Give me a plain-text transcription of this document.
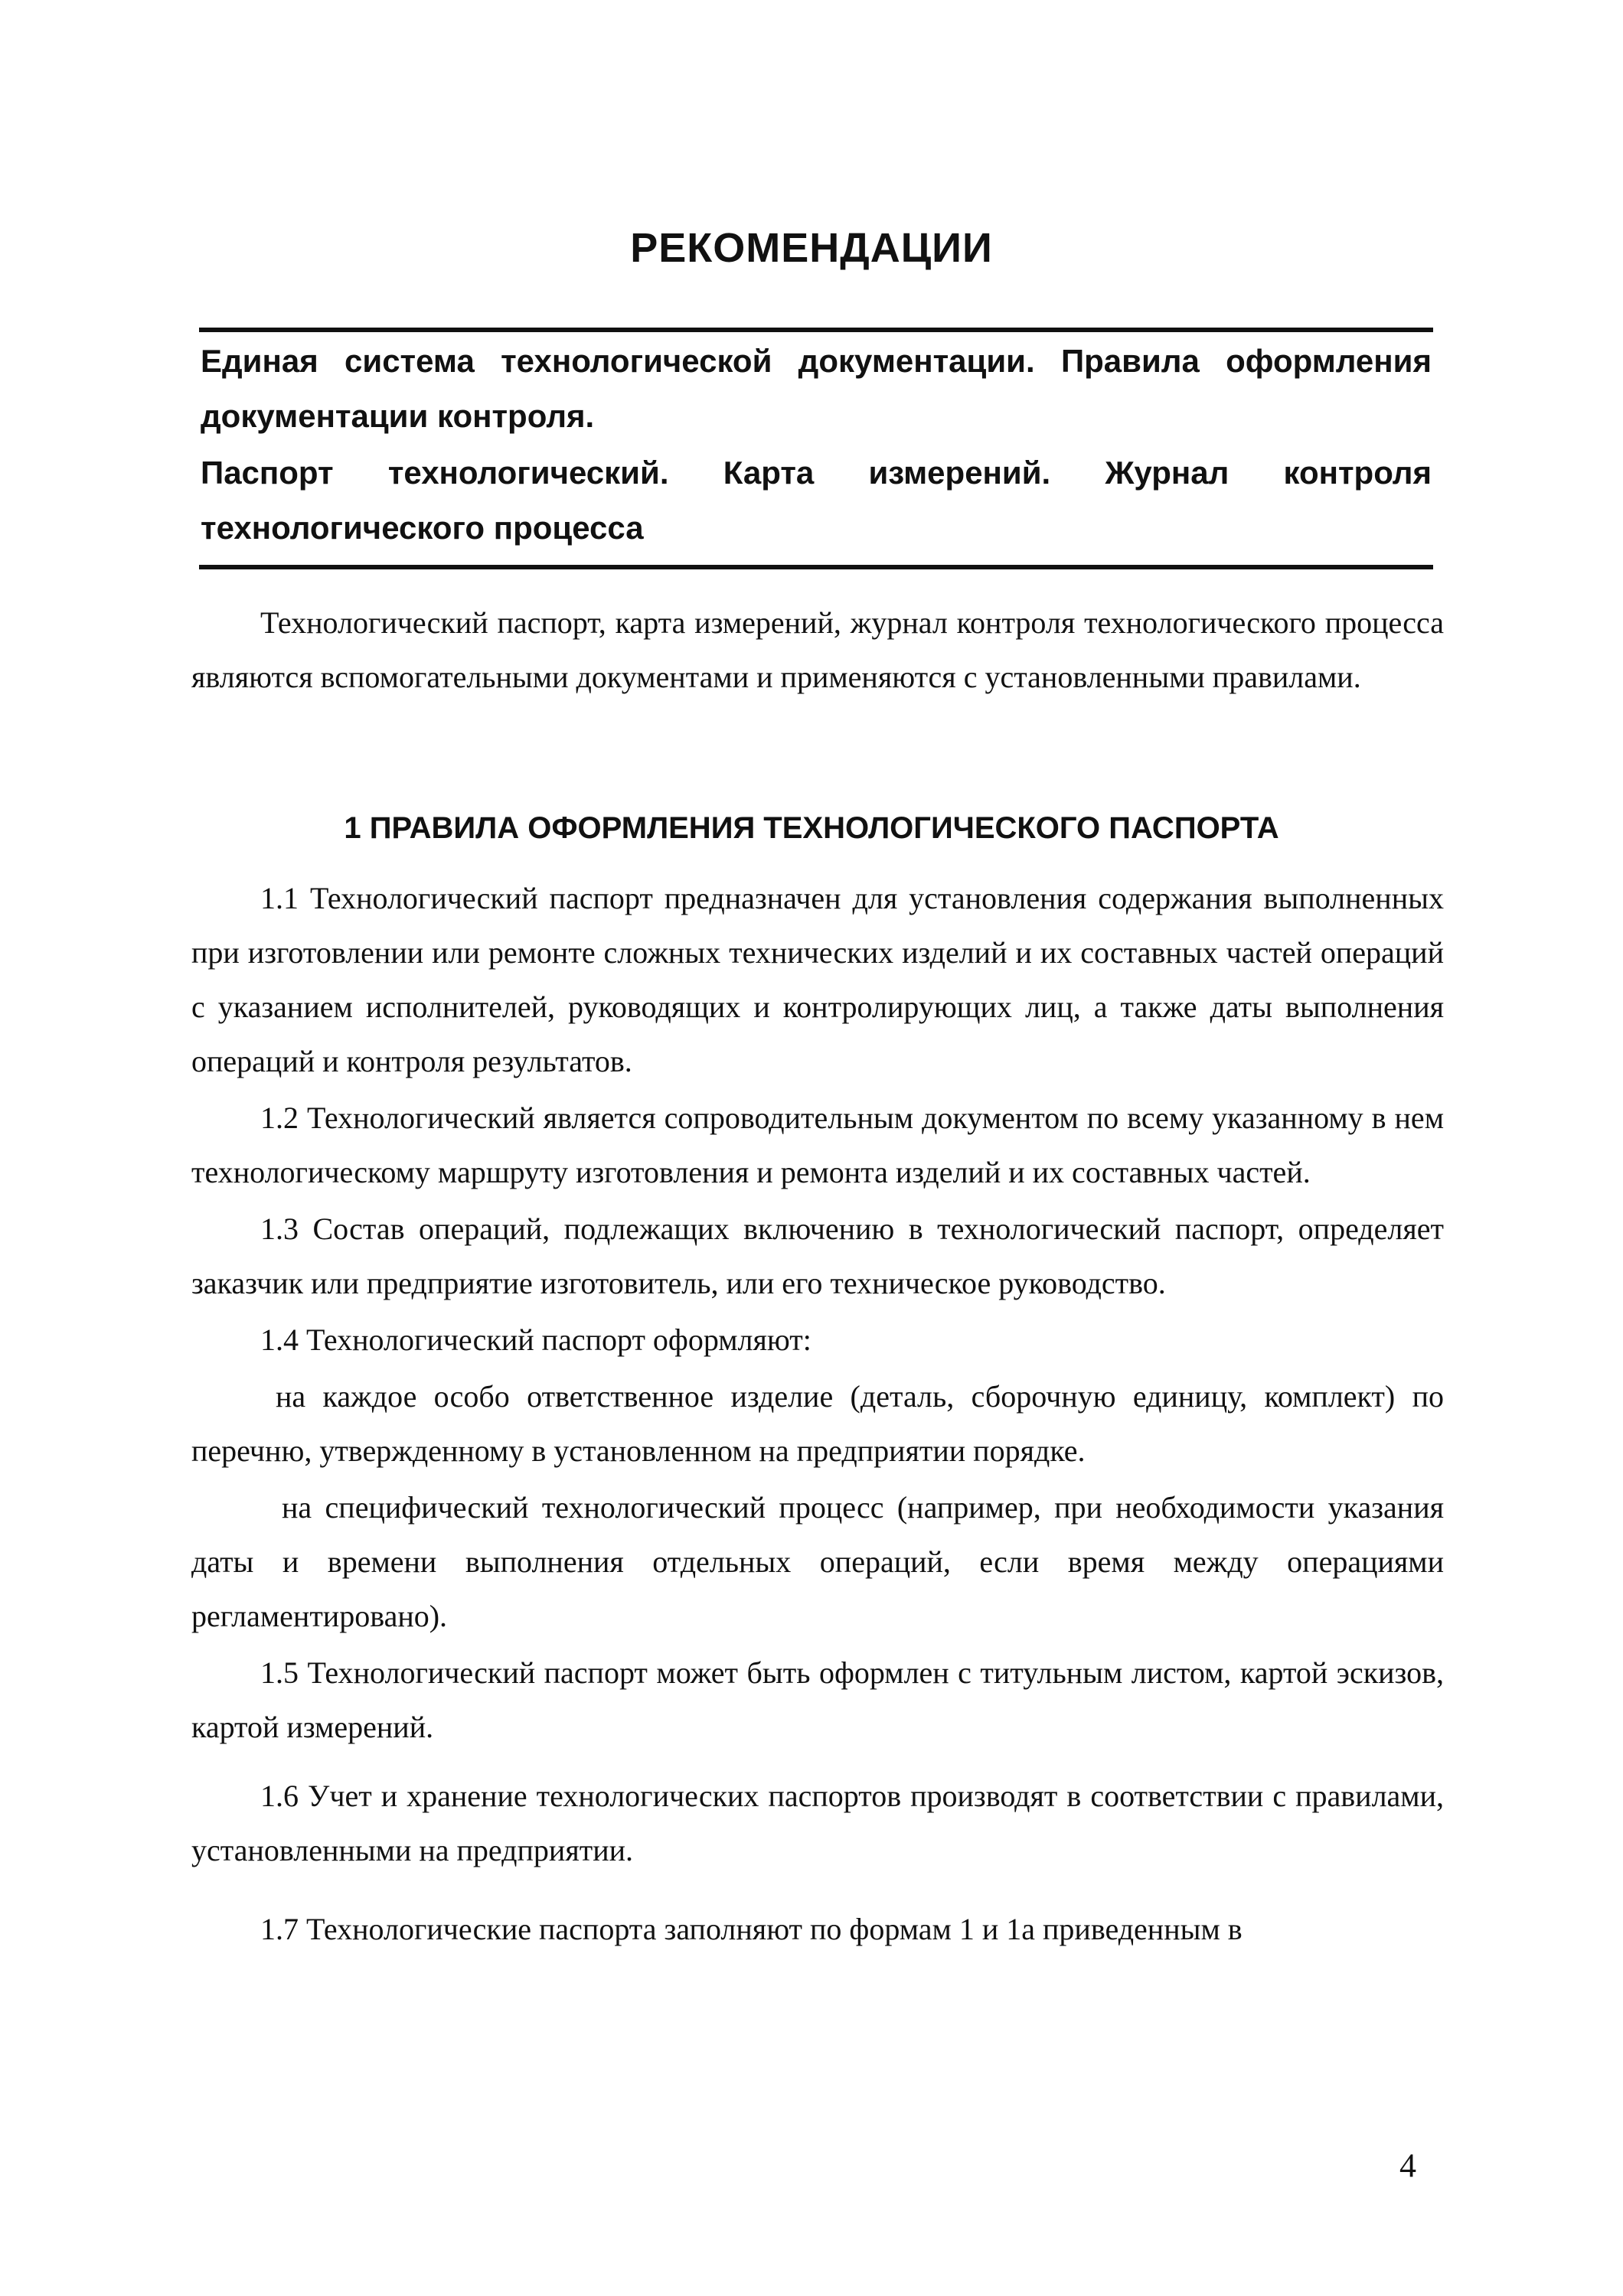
РЕКОМЕНДАЦИИ

Единая система технологической документации. Правила оформления документации контроля.

Паспорт технологический. Карта измерений. Журнал контроля технологического процесса

Технологический паспорт, карта измерений, журнал контроля технологического процесса являются вспомогательными документами и применяются с установленными правилами.

1 ПРАВИЛА ОФОРМЛЕНИЯ ТЕХНОЛОГИЧЕСКОГО ПАСПОРТА

1.1 Технологический паспорт предназначен для установления содержания выполненных при изготовлении или ремонте сложных технических изделий и их составных частей операций с указанием исполнителей, руководящих и контролирующих лиц, а также даты выполнения операций и контроля результатов.

1.2 Технологический является сопроводительным документом по всему указанному в нем технологическому маршруту изготовления и ремонта изделий и их составных частей.

1.3 Состав операций, подлежащих включению в технологический паспорт, определяет заказчик или предприятие изготовитель, или его техническое руководство.

1.4 Технологический паспорт оформляют:

на каждое особо ответственное изделие (деталь, сборочную единицу, комплект) по перечню, утвержденному в установленном на предприятии порядке.

на специфический технологический процесс (например, при необходимости указания даты и времени выполнения отдельных операций, если время между операциями регламентировано).

1.5 Технологический паспорт может быть оформлен с титульным листом, картой эскизов, картой измерений.

1.6 Учет и хранение технологических паспортов производят в соответствии с правилами, установленными на предприятии.

1.7 Технологические паспорта заполняют по формам 1 и 1а приведенным в

4
